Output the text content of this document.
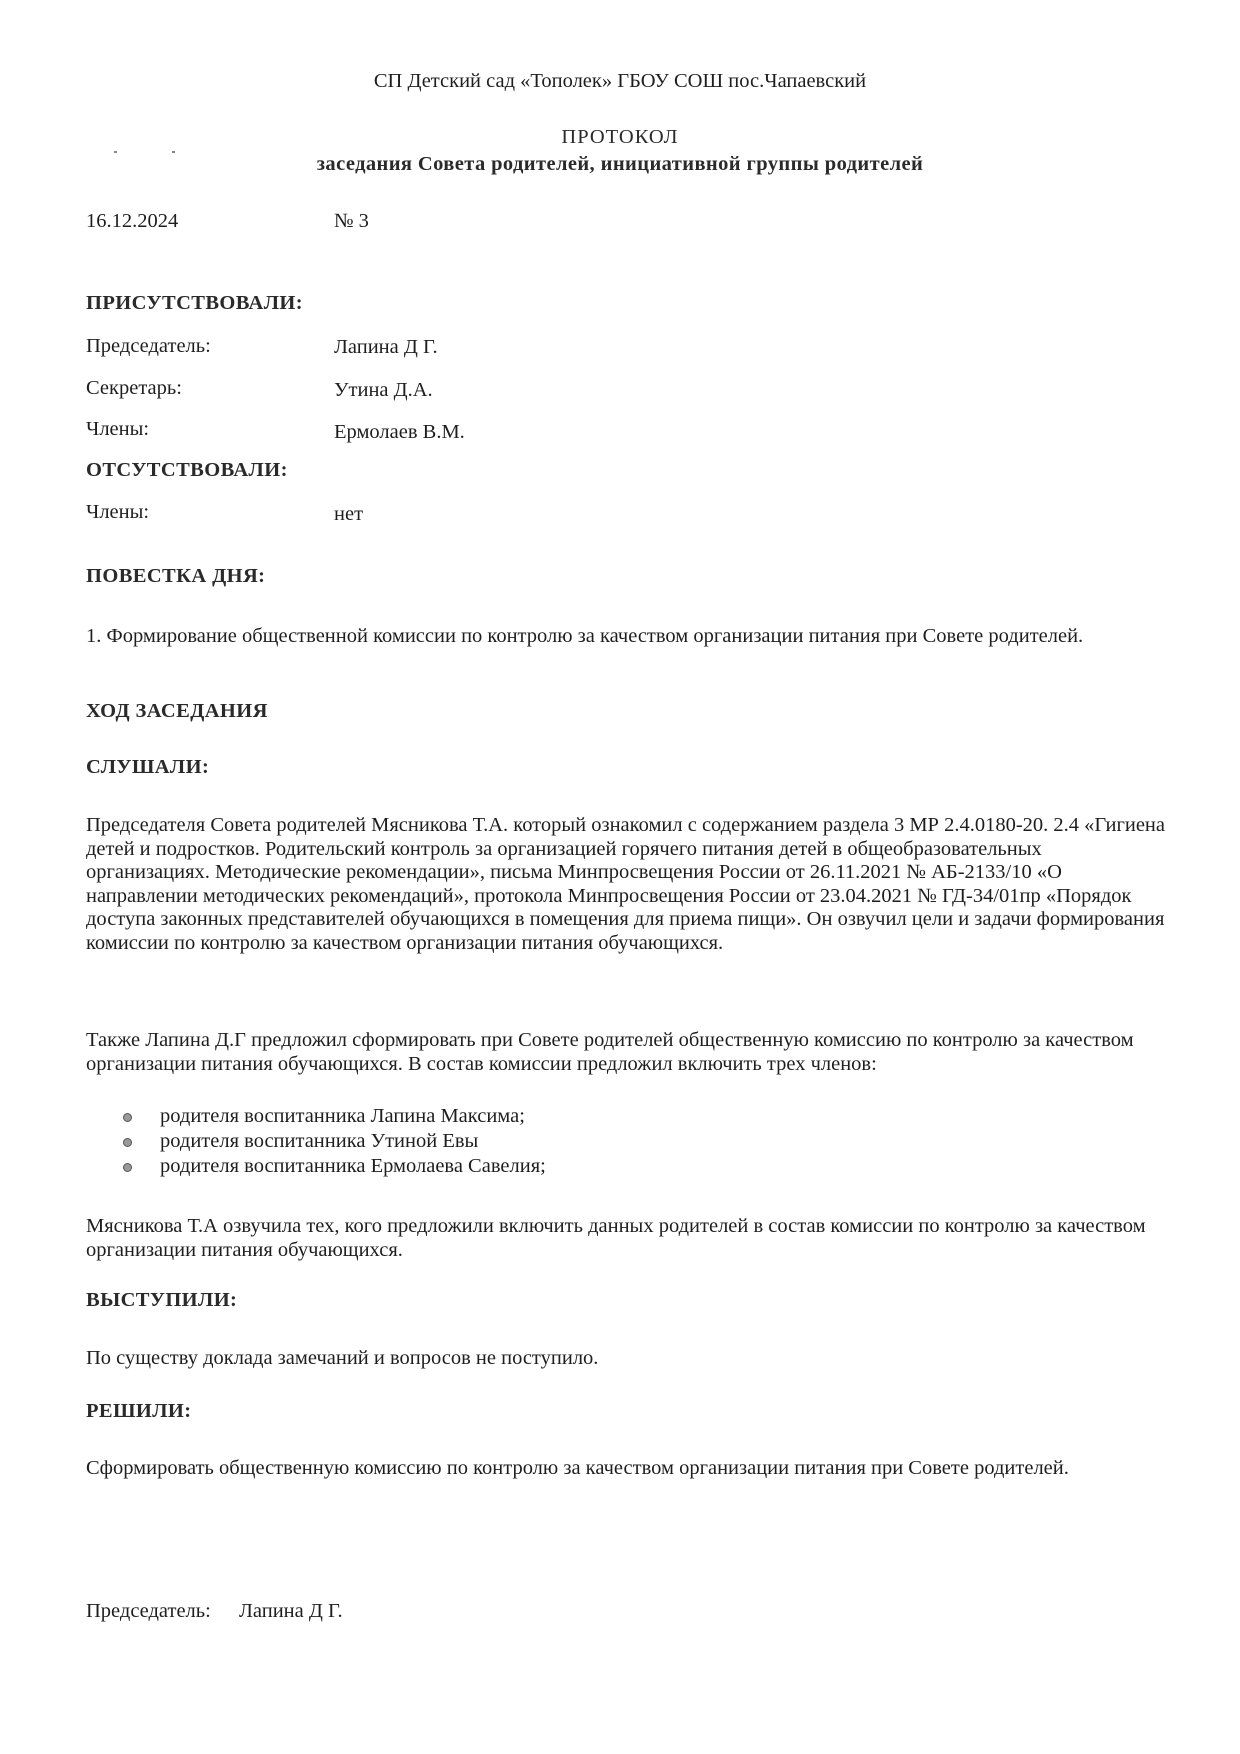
СП Детский сад «Тополек» ГБОУ СОШ пос.Чапаевский
ПРОТОКОЛ
заседания Совета родителей, инициативной группы родителей
16.12.2024	№ 3
ПРИСУТСТВОВАЛИ:
Председатель:	Лапина Д Г.
Секретарь:	Утина Д.А.
Члены:	Ермолаев В.М.
ОТСУТСТВОВАЛИ:
Члены:	нет
ПОВЕСТКА ДНЯ:
1. Формирование общественной комиссии по контролю за качеством организации питания при Совете родителей.
ХОД ЗАСЕДАНИЯ
СЛУШАЛИ:
Председателя Совета родителей Мясникова Т.А. который ознакомил с содержанием раздела 3 МР 2.4.0180-20. 2.4 «Гигиена детей и подростков. Родительский контроль за организацией горячего питания детей в общеобразовательных организациях. Методические рекомендации», письма Минпросвещения России от 26.11.2021 № АБ-2133/10 «О направлении методических рекомендаций», протокола Минпросвещения России от 23.04.2021 № ГД-34/01пр «Порядок доступа законных представителей обучающихся в помещения для приема пищи». Он озвучил цели и задачи формирования комиссии по контролю за качеством организации питания обучающихся.
Также Лапина Д.Г предложил сформировать при Совете родителей общественную комиссию по контролю за качеством организации питания обучающихся. В состав комиссии предложил включить трех членов:
родителя воспитанника Лапина Максима;
родителя воспитанника Утиной Евы
родителя воспитанника Ермолаева Савелия;
Мясникова Т.А озвучила тех, кого предложили включить данных родителей в состав комиссии по контролю за качеством организации питания обучающихся.
ВЫСТУПИЛИ:
По существу доклада замечаний и вопросов не поступило.
РЕШИЛИ:
Сформировать общественную комиссию по контролю за качеством организации питания при Совете родителей.
Председатель: Лапина Д Г.
